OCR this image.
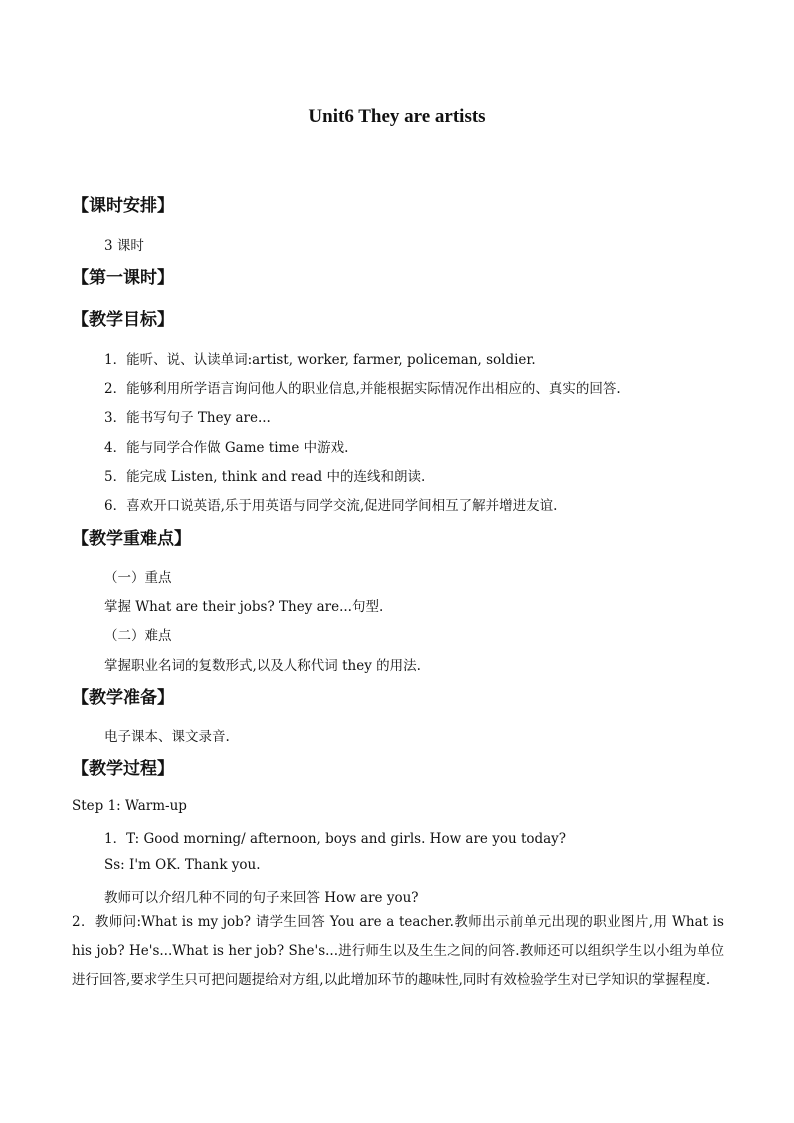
Unit6 They are artists
【课时安排】
3 课时
【第一课时】
【教学目标】
1．能听、说、认读单词:artist, worker, farmer, policeman, soldier.
2．能够利用所学语言询问他人的职业信息,并能根据实际情况作出相应的、真实的回答.
3．能书写句子 They are...
4．能与同学合作做 Game time 中游戏.
5．能完成 Listen, think and read 中的连线和朗读.
6．喜欢开口说英语,乐于用英语与同学交流,促进同学间相互了解并增进友谊.
【教学重难点】
（一）重点
掌握 What are their jobs? They are...句型.
（二）难点
掌握职业名词的复数形式,以及人称代词 they 的用法.
【教学准备】
电子课本、课文录音.
【教学过程】
Step 1: Warm-up
1．T: Good morning/ afternoon, boys and girls. How are you today?
Ss: I'm OK. Thank you.
教师可以介绍几种不同的句子来回答 How are you?
2．教师问:What is my job? 请学生回答 You are a teacher.教师出示前单元出现的职业图片,用 What is his job? He's...What is her job? She's...进行师生以及生生之间的问答.教师还可以组织学生以小组为单位进行回答,要求学生只可把问题提给对方组,以此增加环节的趣味性,同时有效检验学生对已学知识的掌握程度.
